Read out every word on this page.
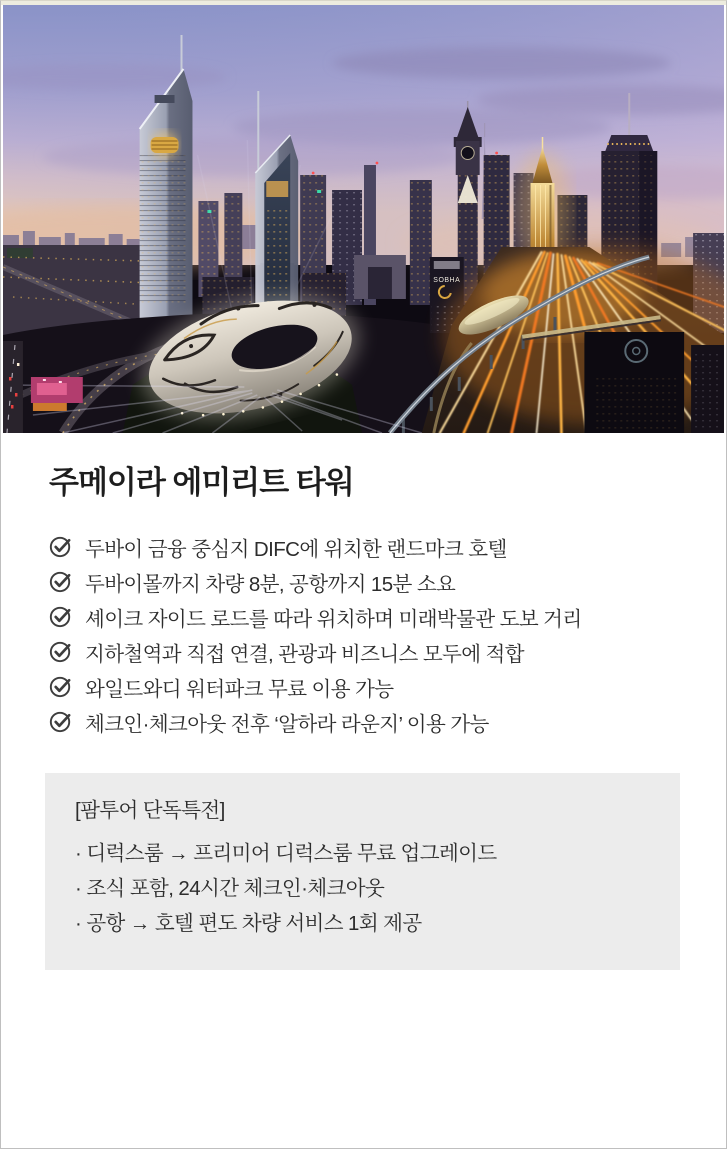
SOBHA
주메이라 에미리트 타워
두바이 금융 중심지 DIFC에 위치한 랜드마크 호텔
두바이몰까지 차량 8분, 공항까지 15분 소요
셰이크 자이드 로드를 따라 위치하며 미래박물관 도보 거리
지하철역과 직접 연결, 관광과 비즈니스 모두에 적합
와일드와디 워터파크 무료 이용 가능
체크인·체크아웃 전후 ‘알하라 라운지’ 이용 가능
[팜투어 단독특전]
· 디럭스룸 → 프리미어 디럭스룸 무료 업그레이드
· 조식 포함, 24시간 체크인·체크아웃
· 공항 → 호텔 편도 차량 서비스 1회 제공
